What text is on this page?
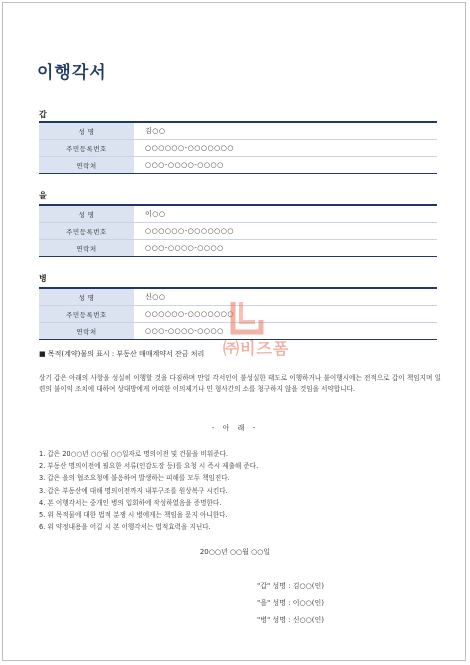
이행각서
갑
성 명	김○○
주민등록번호	○○○○○○-○○○○○○○
연락처	○○○-○○○○-○○○○
을
성 명	이○○
주민등록번호	○○○○○○-○○○○○○○
연락처	○○○-○○○○-○○○○
병
성 명	신○○
주민등록번호	○○○○○○-○○○○○○○
연락처	○○○-○○○○-○○○○
■ 목적(계약)물의 표시 : 부동산 매매계약서 잔금 처리
상기 갑은 아래의 사항을 성실히 이행할 것을 다짐하며 만일 각서인이 불성실한 태도로 이행하거나 불이행시에는 전적으로 갑이 책임지며 일련의 불이익 조치에 대하여 상대방에게 어떠한 이의제기나 민 형사간의 소를 청구하지 않을 것임을 서약합니다.
- 아 래 -
1. 갑은 20○○년 ○○월 ○○일자로 명의이전 및 건물을 비워준다.
2. 부동산 명의이전에 필요한 서류(인감도장 등)를 요청 시 즉시 제출해 준다.
3. 갑은 을의 협조요청에 불응하여 발생하는 피해를 모두 책임진다.
3. 갑은 부동산에 대해 명의이전까지 내부구조를 원상복구 시킨다.
4. 본 이행각서는 중개인 병의 입회하에 작성하였음을 증명한다.
5. 위 목적물에 대한 법적 분쟁 시 병에게는 책임을 묻지 아니한다.
6. 위 약정내용을 어길 시 본 이행각서는 법적효력을 지닌다.
20○○년 ○○월 ○○일
"갑" 성명 : 김○○(인)
"을" 성명 : 이○○(인)
"병" 성명 : 신○○(인)
㈜비즈폼
